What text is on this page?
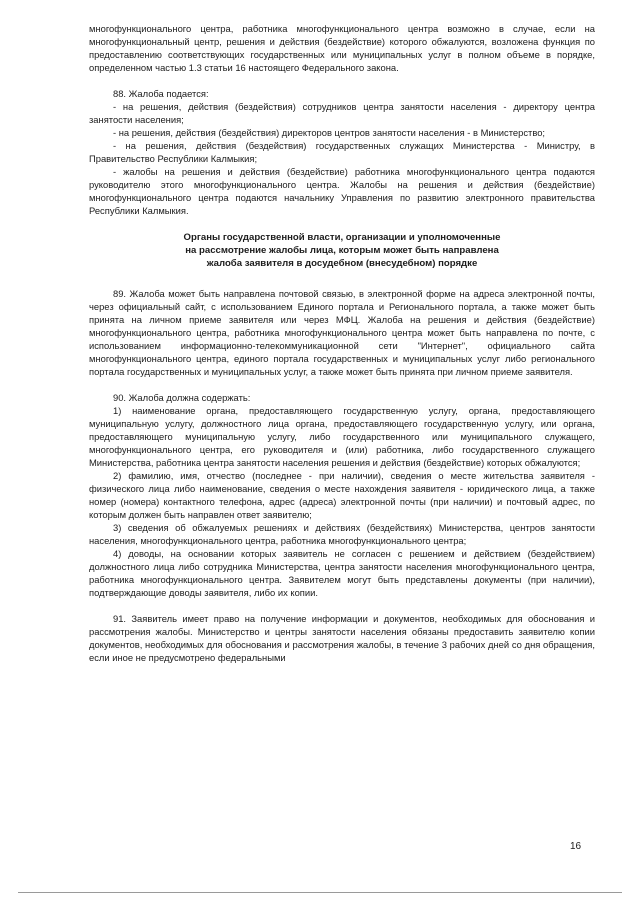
многофункционального центра, работника многофункционального центра возможно в случае, если на многофункциональный центр, решения и действия (бездействие) которого обжалуются, возложена функция по предоставлению соответствующих государственных или муниципальных услуг в полном объеме в порядке, определенном частью 1.3 статьи 16 настоящего Федерального закона.

88. Жалоба подается:

- на решения, действия (бездействия) сотрудников центра занятости населения - директору центра занятости населения;

- на решения, действия (бездействия) директоров центров занятости населения - в Министерство;

- на решения, действия (бездействия) государственных служащих Министерства - Министру, в Правительство Республики Калмыкия;

- жалобы на решения и действия (бездействие) работника многофункционального центра подаются руководителю этого многофункционального центра. Жалобы на решения и действия (бездействие) многофункционального центра подаются начальнику Управления по развитию электронного правительства Республики Калмыкия.

Органы государственной власти, организации и уполномоченные
на рассмотрение жалобы лица, которым может быть направлена
жалоба заявителя в досудебном (внесудебном) порядке

89. Жалоба может быть направлена почтовой связью, в электронной форме на адреса электронной почты, через официальный сайт, с использованием Единого портала и Регионального портала, а также может быть принята на личном приеме заявителя или через МФЦ. Жалоба на решения и действия (бездействие) многофункционального центра, работника многофункционального центра может быть направлена по почте, с использованием информационно-телекоммуникационной сети "Интернет", официального сайта многофункционального центра, единого портала государственных и муниципальных услуг либо регионального портала государственных и муниципальных услуг, а также может быть принята при личном приеме заявителя.

90. Жалоба должна содержать:

1) наименование органа, предоставляющего государственную услугу, органа, предоставляющего муниципальную услугу, должностного лица органа, предоставляющего государственную услугу, или органа, предоставляющего муниципальную услугу, либо государственного или муниципального служащего, многофункционального центра, его руководителя и (или) работника, либо государственного служащего Министерства, работника центра занятости населения решения и действия (бездействие) которых обжалуются;

2) фамилию, имя, отчество (последнее - при наличии), сведения о месте жительства заявителя - физического лица либо наименование, сведения о месте нахождения заявителя - юридического лица, а также номер (номера) контактного телефона, адрес (адреса) электронной почты (при наличии) и почтовый адрес, по которым должен быть направлен ответ заявителю;

3) сведения об обжалуемых решениях и действиях (бездействиях) Министерства, центров занятости населения, многофункционального центра, работника многофункционального центра;

4) доводы, на основании которых заявитель не согласен с решением и действием (бездействием) должностного лица либо сотрудника Министерства, центра занятости населения многофункционального центра, работника многофункционального центра. Заявителем могут быть представлены документы (при наличии), подтверждающие доводы заявителя, либо их копии.

91. Заявитель имеет право на получение информации и документов, необходимых для обоснования и рассмотрения жалобы. Министерство и центры занятости населения обязаны предоставить заявителю копии документов, необходимых для обоснования и рассмотрения жалобы, в течение 3 рабочих дней со дня обращения, если иное не предусмотрено федеральными

16
